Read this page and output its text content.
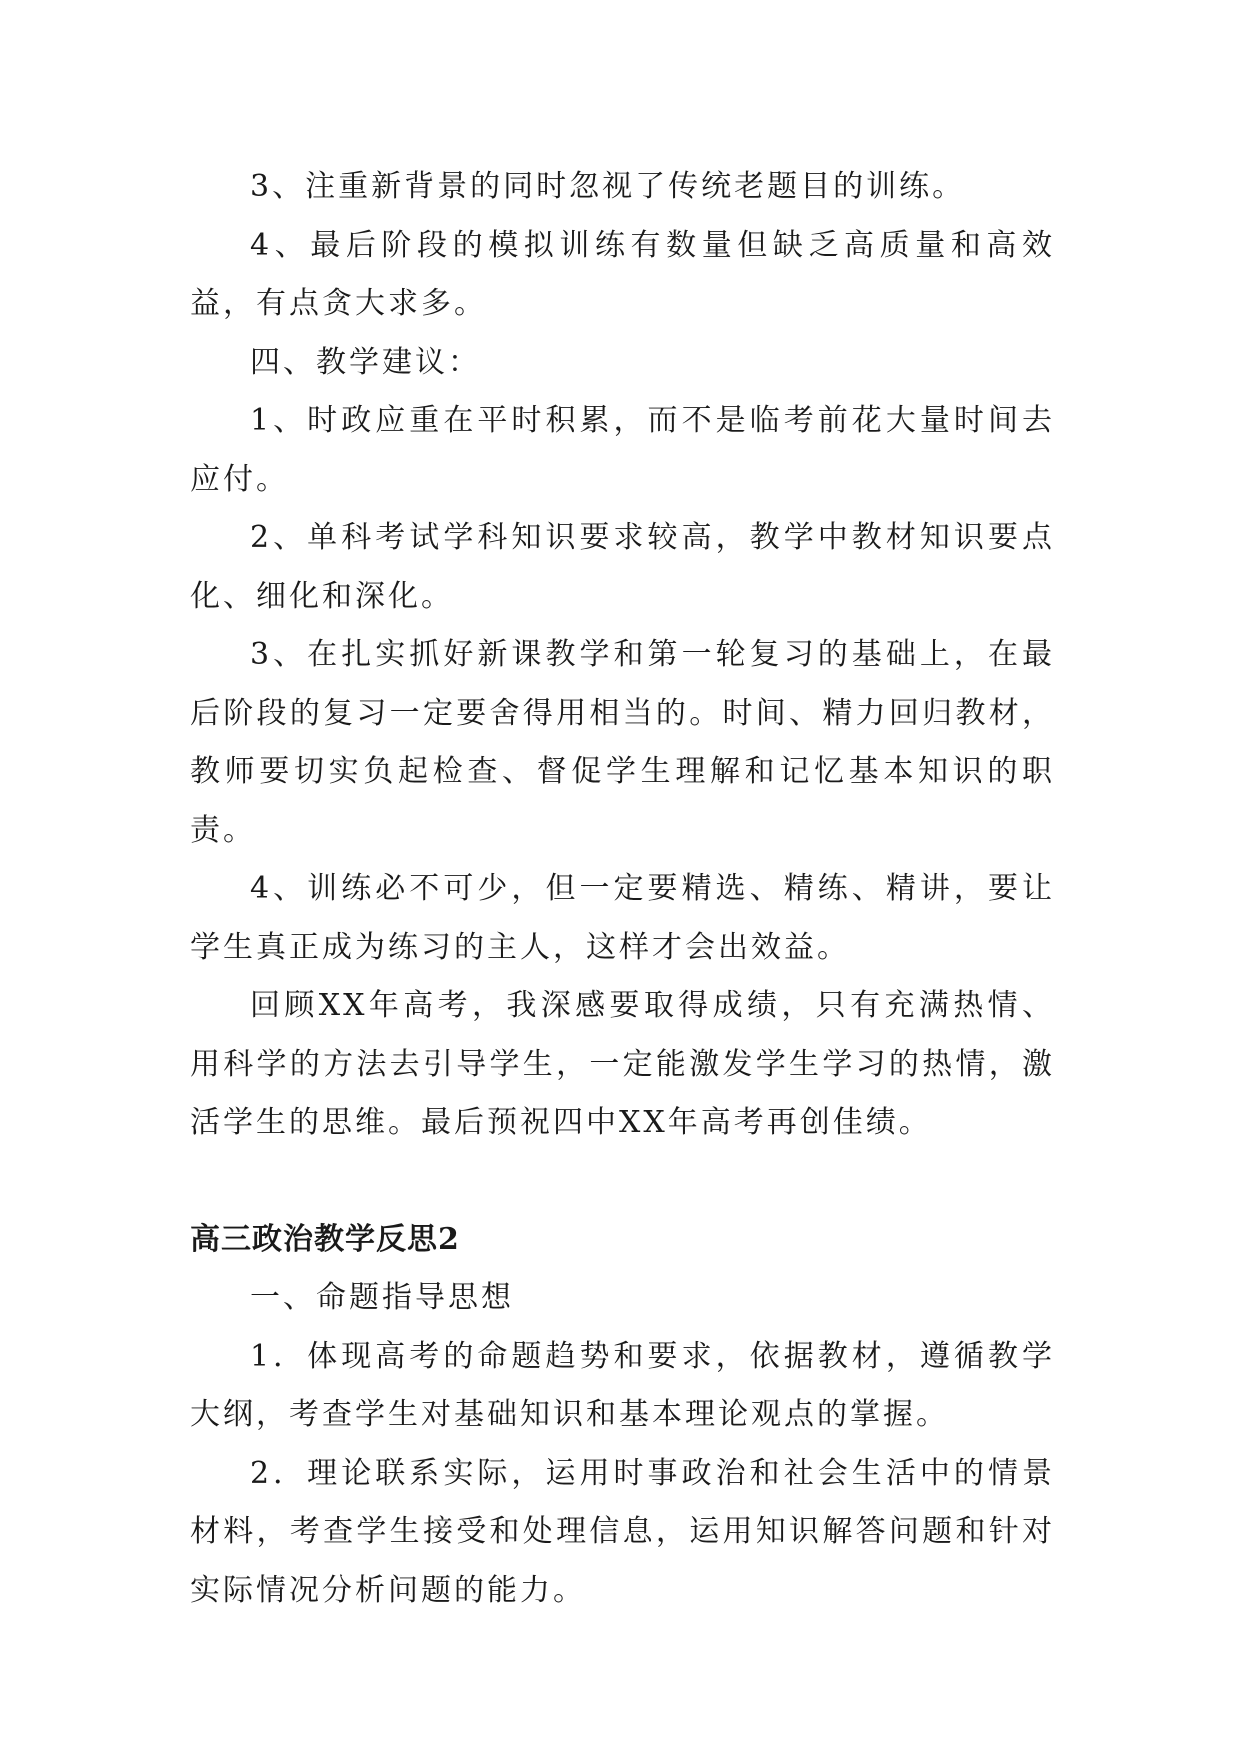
3、注重新背景的同时忽视了传统老题目的训练。

4、最后阶段的模拟训练有数量但缺乏高质量和高效益，有点贪大求多。

四、教学建议：

1、时政应重在平时积累，而不是临考前花大量时间去应付。

2、单科考试学科知识要求较高，教学中教材知识要点化、细化和深化。

3、在扎实抓好新课教学和第一轮复习的基础上，在最后阶段的复习一定要舍得用相当的。时间、精力回归教材，教师要切实负起检查、督促学生理解和记忆基本知识的职责。

4、训练必不可少，但一定要精选、精练、精讲，要让学生真正成为练习的主人，这样才会出效益。

回顾XX年高考，我深感要取得成绩，只有充满热情、用科学的方法去引导学生，一定能激发学生学习的热情，激活学生的思维。最后预祝四中XX年高考再创佳绩。

高三政治教学反思2

一、命题指导思想

1．体现高考的命题趋势和要求，依据教材，遵循教学大纲，考查学生对基础知识和基本理论观点的掌握。

2．理论联系实际，运用时事政治和社会生活中的情景材料，考查学生接受和处理信息，运用知识解答问题和针对实际情况分析问题的能力。
